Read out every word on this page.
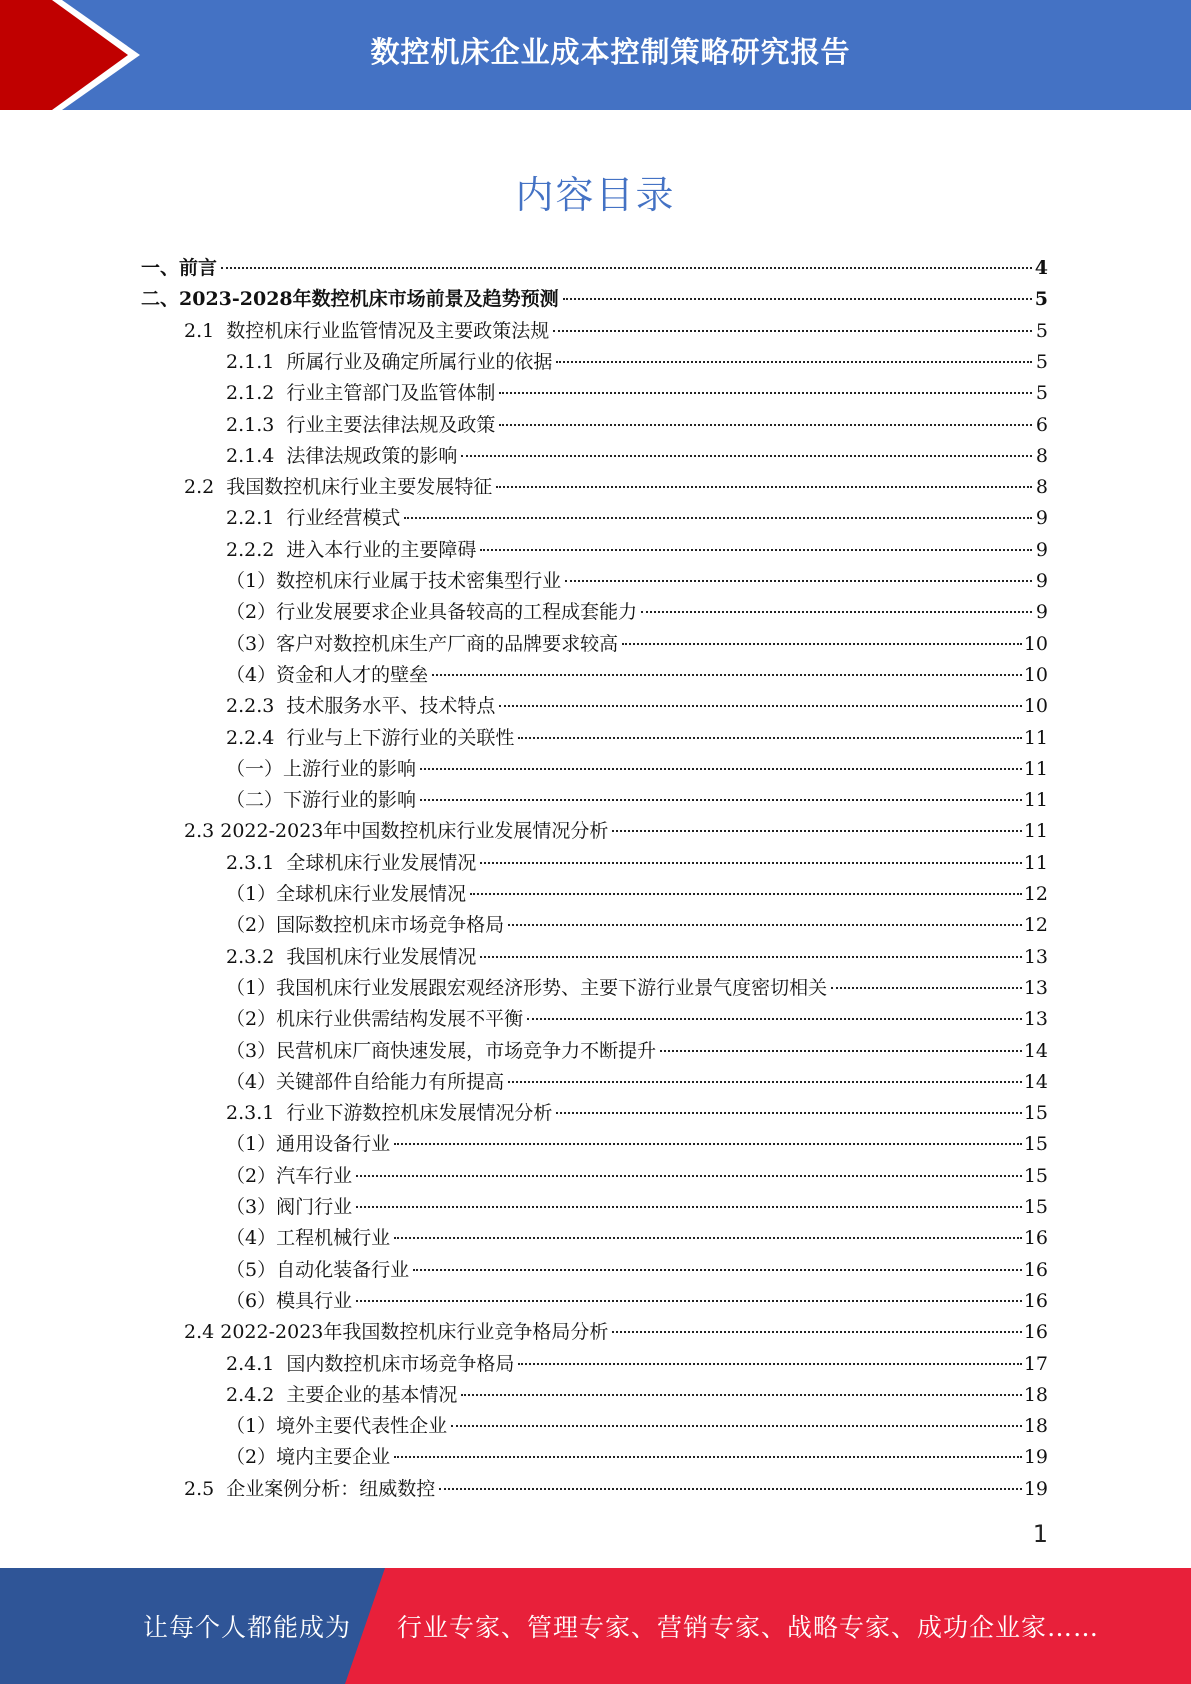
数控机床企业成本控制策略研究报告
内容目录
一、前言	4
二、2023-2028年数控机床市场前景及趋势预测	5
2.1  数控机床行业监管情况及主要政策法规	5
2.1.1  所属行业及确定所属行业的依据	5
2.1.2  行业主管部门及监管体制	5
2.1.3  行业主要法律法规及政策	6
2.1.4  法律法规政策的影响	8
2.2  我国数控机床行业主要发展特征	8
2.2.1  行业经营模式	9
2.2.2  进入本行业的主要障碍	9
（1）数控机床行业属于技术密集型行业	9
（2）行业发展要求企业具备较高的工程成套能力	9
（3）客户对数控机床生产厂商的品牌要求较高	10
（4）资金和人才的壁垒	10
2.2.3  技术服务水平、技术特点	10
2.2.4  行业与上下游行业的关联性	11
（一）上游行业的影响	11
（二）下游行业的影响	11
2.3 2022-2023年中国数控机床行业发展情况分析	11
2.3.1  全球机床行业发展情况	11
（1）全球机床行业发展情况	12
（2）国际数控机床市场竞争格局	12
2.3.2  我国机床行业发展情况	13
（1）我国机床行业发展跟宏观经济形势、主要下游行业景气度密切相关	13
（2）机床行业供需结构发展不平衡	13
（3）民营机床厂商快速发展，市场竞争力不断提升	14
（4）关键部件自给能力有所提高	14
2.3.1  行业下游数控机床发展情况分析	15
（1）通用设备行业	15
（2）汽车行业	15
（3）阀门行业	15
（4）工程机械行业	16
（5）自动化装备行业	16
（6）模具行业	16
2.4 2022-2023年我国数控机床行业竞争格局分析	16
2.4.1  国内数控机床市场竞争格局	17
2.4.2  主要企业的基本情况	18
（1）境外主要代表性企业	18
（2）境内主要企业	19
2.5  企业案例分析：纽威数控	19
1
让每个人都能成为 行业专家、管理专家、营销专家、战略专家、成功企业家……
